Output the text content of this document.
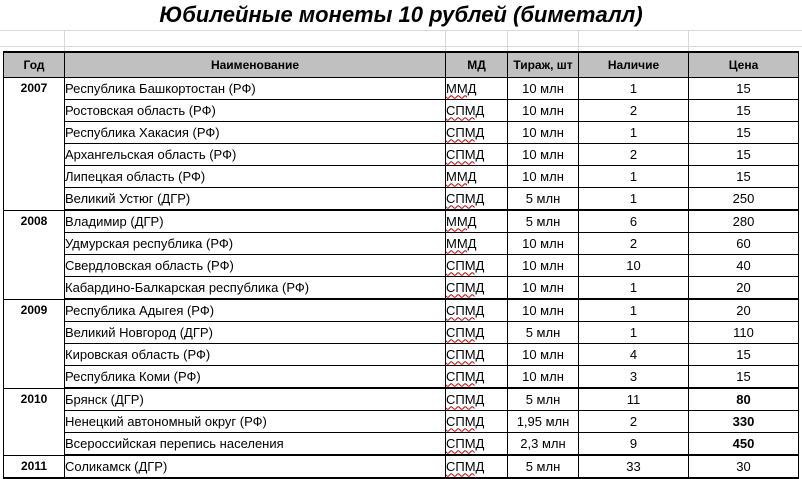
Юбилейные монеты 10 рублей (биметалл)
Год	Наименование	МД	Тираж, шт	Наличие	Цена
2007	Республика Башкортостан (РФ)	ММД	10 млн	1	15
	Ростовская область (РФ)	СПМД	10 млн	2	15
	Республика Хакасия (РФ)	СПМД	10 млн	1	15
	Архангельская область (РФ)	СПМД	10 млн	2	15
	Липецкая область (РФ)	ММД	10 млн	1	15
	Великий Устюг (ДГР)	СПМД	5 млн	1	250
2008	Владимир (ДГР)	ММД	5 млн	6	280
	Удмурская республика (РФ)	ММД	10 млн	2	60
	Свердловская область (РФ)	СПМД	10 млн	10	40
	Кабардино-Балкарская республика (РФ)	СПМД	10 млн	1	20
2009	Республика Адыгея (РФ)	СПМД	10 млн	1	20
	Великий Новгород (ДГР)	СПМД	5 млн	1	110
	Кировская область (РФ)	СПМД	10 млн	4	15
	Республика Коми (РФ)	СПМД	10 млн	3	15
2010	Брянск (ДГР)	СПМД	5 млн	11	80
	Ненецкий автономный округ (РФ)	СПМД	1,95 млн	2	330
	Всероссийская перепись населения	СПМД	2,3 млн	9	450
2011	Соликамск (ДГР)	СПМД	5 млн	33	30
